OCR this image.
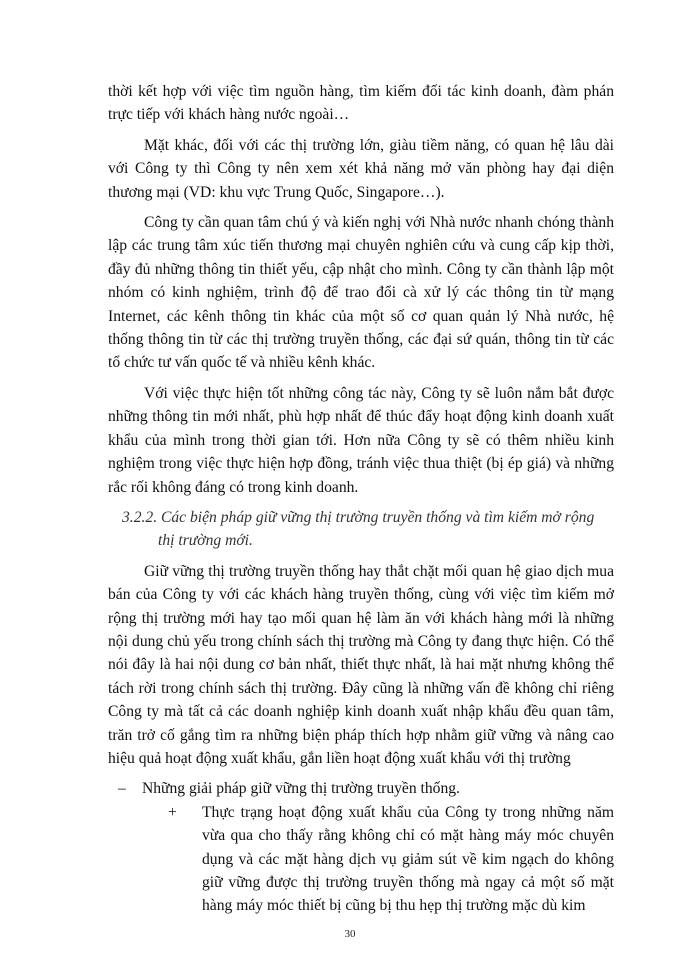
thời kết hợp với việc tìm nguồn hàng, tìm kiếm đối tác kinh doanh, đàm phán trực tiếp với khách hàng nước ngoài…

Mặt khác, đối với các thị trường lớn, giàu tiềm năng, có quan hệ lâu dài với Công ty thì Công ty nên xem xét khả năng mở văn phòng hay đại diện thương mại (VD: khu vực Trung Quốc, Singapore…).

Công ty cần quan tâm chú ý và kiến nghị với Nhà nước nhanh chóng thành lập các trung tâm xúc tiến thương mại chuyên nghiên cứu và cung cấp kịp thời, đầy đủ những thông tin thiết yếu, cập nhật cho mình. Công ty cần thành lập một nhóm có kinh nghiệm, trình độ để trao đổi cà xử lý các thông tin từ mạng Internet, các kênh thông tin khác của một số cơ quan quản lý Nhà nước, hệ thống thông tin từ các thị trường truyền thống, các đại sứ quán, thông tin từ các tổ chức tư vấn quốc tế và nhiều kênh khác.

Với việc thực hiện tốt những công tác này, Công ty sẽ luôn nắm bắt được những thông tin mới nhất, phù hợp nhất để thúc đẩy hoạt động kinh doanh xuất khẩu của mình trong thời gian tới. Hơn nữa Công ty sẽ có thêm nhiều kinh nghiệm trong việc thực hiện hợp đồng, tránh việc thua thiệt (bị ép giá) và những rắc rối không đáng có trong kinh doanh.

3.2.2. Các biện pháp giữ vững thị trường truyền thống và tìm kiếm mở rộng thị trường mới.

Giữ vững thị trường truyền thống hay thắt chặt mối quan hệ giao dịch mua bán của Công ty với các khách hàng truyền thống, cùng với việc tìm kiếm mở rộng thị trường mới hay tạo mối quan hệ làm ăn với khách hàng mới là những nội dung chủ yếu trong chính sách thị trường mà Công ty đang thực hiện. Có thể nói đây là hai nội dung cơ bản nhất, thiết thực nhất, là hai mặt nhưng không thể tách rời trong chính sách thị trường. Đây cũng là những vấn đề không chỉ riêng Công ty mà tất cả các doanh nghiệp kinh doanh xuất nhập khẩu đều quan tâm, trăn trở cố gắng tìm ra những biện pháp thích hợp nhằm giữ vững và nâng cao hiệu quả hoạt động xuất khẩu, gắn liền hoạt động xuất khẩu với thị trường

– Những giải pháp giữ vững thị trường truyền thống.
+ Thực trạng hoạt động xuất khẩu của Công ty trong những năm vừa qua cho thấy rằng không chỉ có mặt hàng máy móc chuyên dụng và các mặt hàng dịch vụ giảm sút về kim ngạch do không giữ vững được thị trường truyền thống mà ngay cả một số mặt hàng máy móc thiết bị cũng bị thu hẹp thị trường mặc dù kim
30
